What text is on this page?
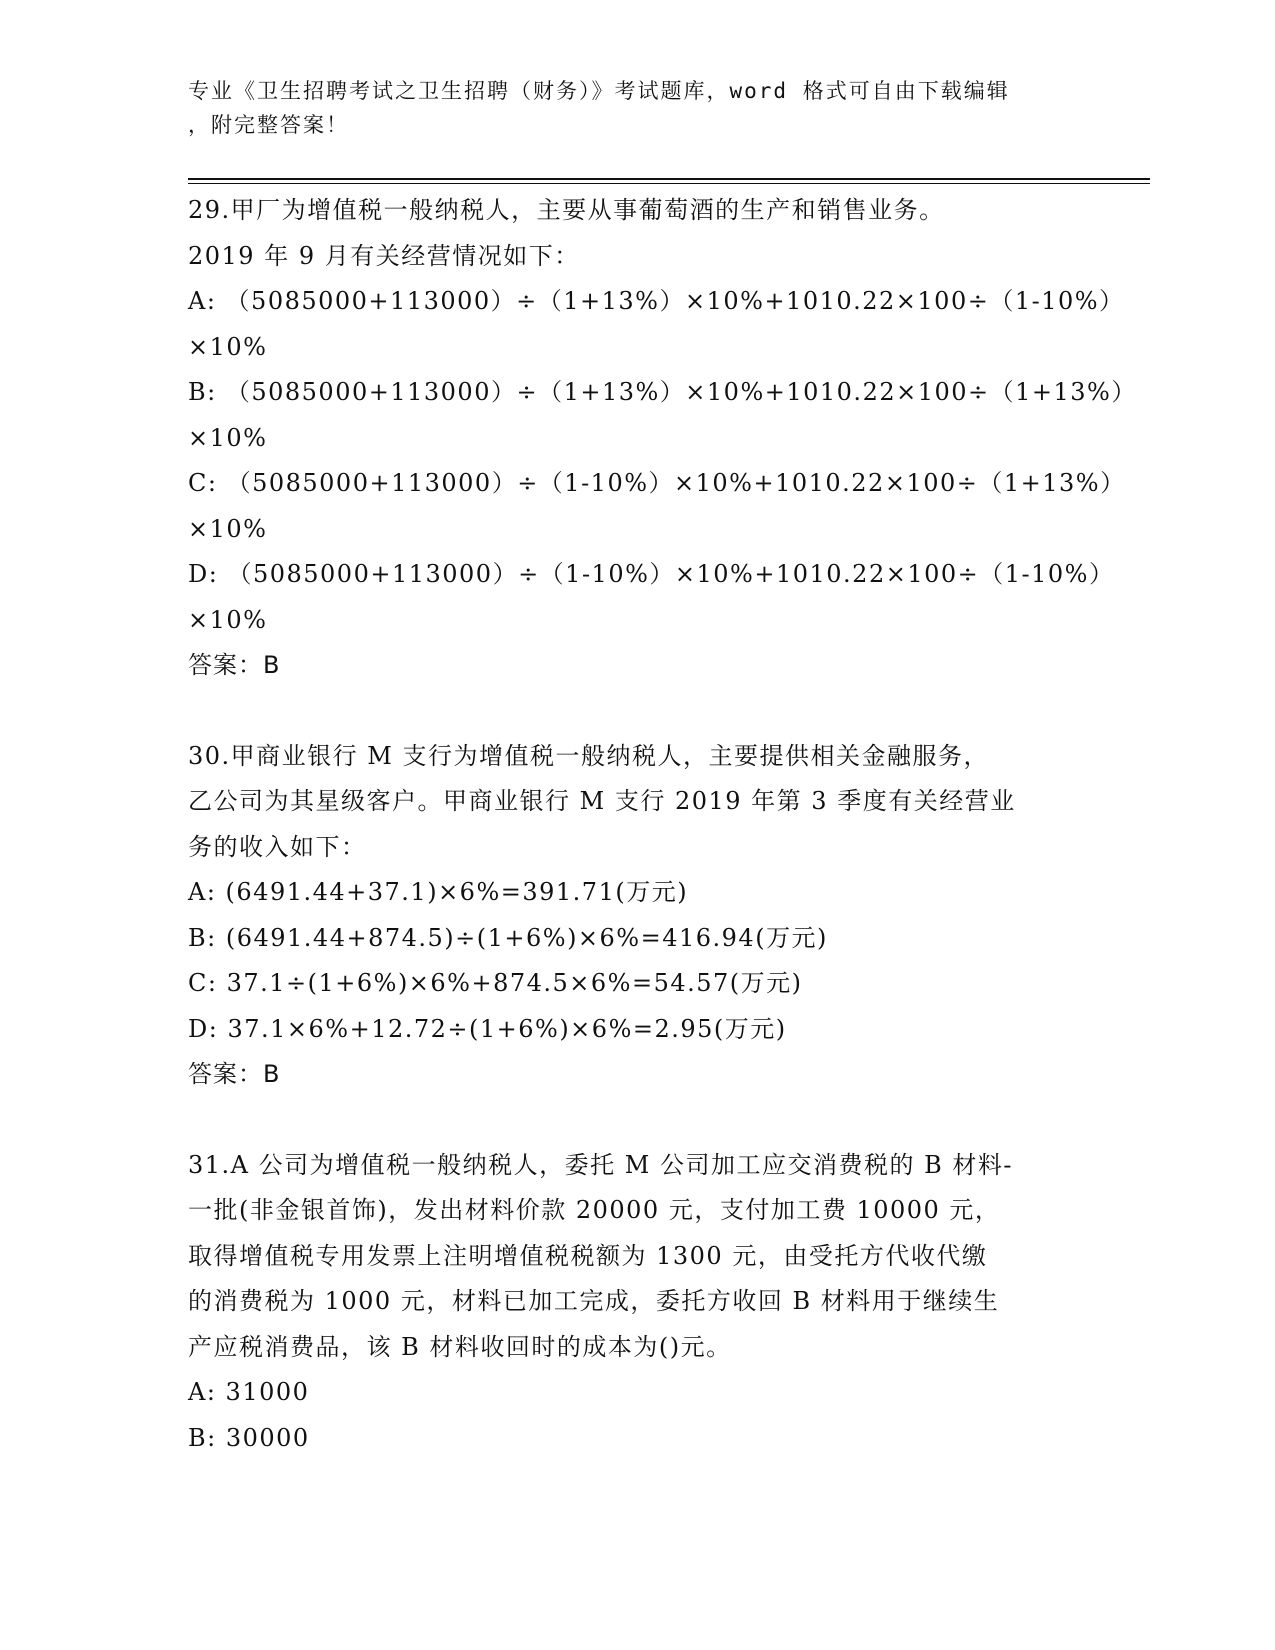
专业《卫生招聘考试之卫生招聘（财务）》考试题库，word 格式可自由下载编辑
，附完整答案！
29.甲厂为增值税一般纳税人，主要从事葡萄酒的生产和销售业务。
2019 年 9 月有关经营情况如下：
A: （5085000+113000）÷（1+13%）×10%+1010.22×100÷（1-10%）
×10%
B: （5085000+113000）÷（1+13%）×10%+1010.22×100÷（1+13%）
×10%
C: （5085000+113000）÷（1-10%）×10%+1010.22×100÷（1+13%）
×10%
D: （5085000+113000）÷（1-10%）×10%+1010.22×100÷（1-10%）
×10%
答案：B
30.甲商业银行 M 支行为增值税一般纳税人，主要提供相关金融服务，
乙公司为其星级客户。甲商业银行 M 支行 2019 年第 3 季度有关经营业
务的收入如下：
A: (6491.44+37.1)×6%=391.71(万元)
B: (6491.44+874.5)÷(1+6%)×6%=416.94(万元)
C: 37.1÷(1+6%)×6%+874.5×6%=54.57(万元)
D: 37.1×6%+12.72÷(1+6%)×6%=2.95(万元)
答案：B
31.A 公司为增值税一般纳税人，委托 M 公司加工应交消费税的 B 材料-
一批(非金银首饰)，发出材料价款 20000 元，支付加工费 10000 元，
取得增值税专用发票上注明增值税税额为 1300 元，由受托方代收代缴
的消费税为 1000 元，材料已加工完成，委托方收回 B 材料用于继续生
产应税消费品，该 B 材料收回时的成本为()元。
A: 31000
B: 30000
